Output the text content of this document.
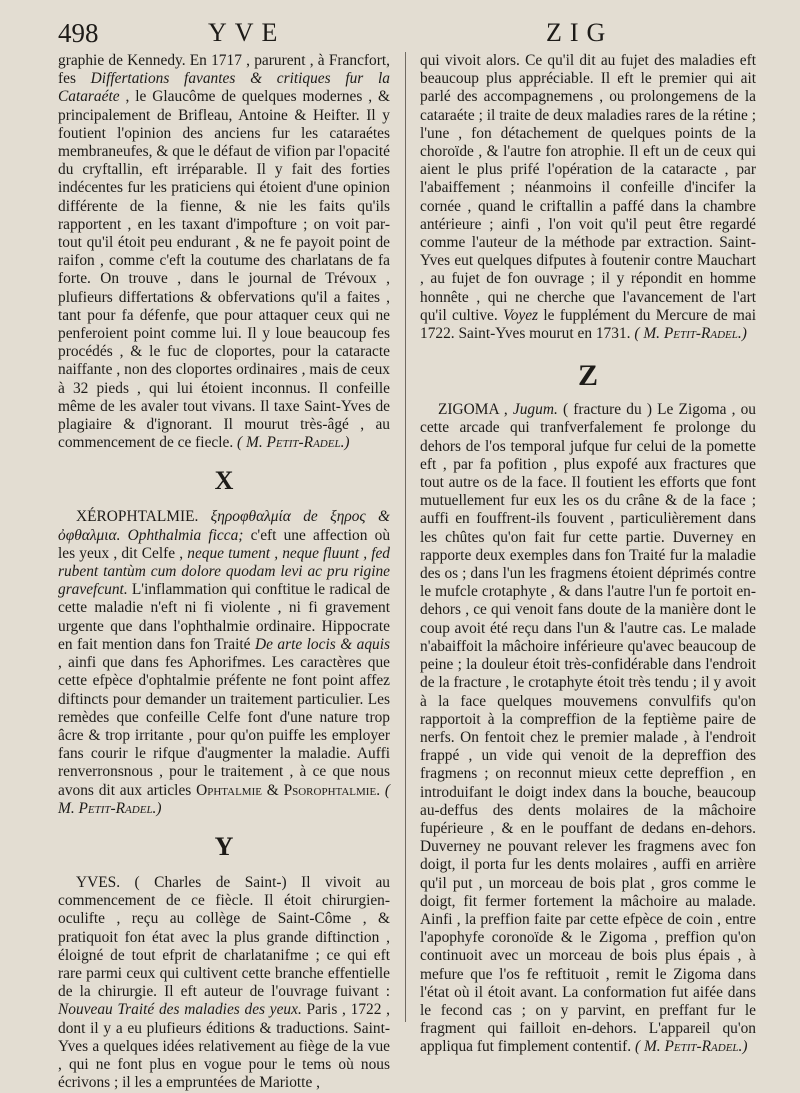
498	YVE	ZIG

graphie de Kennedy. En 1717 , parurent , à Francfort, fes Differtations favantes & critiques fur la Cataraéte , le Glaucôme de quelques modernes , & principalement de Brifleau, Antoine & Heifter. Il y foutient l'opinion des anciens fur les cataraétes membraneufes, & que le défaut de vifion par l'opacité du cryftallin, eft irréparable. Il y fait des forties indécentes fur les praticiens qui étoient d'une opinion différente de la fienne, & nie les faits qu'ils rapportent , en les taxant d'impofture ; on voit par-tout qu'il étoit peu endurant , & ne fe payoit point de raifon , comme c'eft la coutume des charlatans de fa forte. On trouve , dans le journal de Trévoux , plufieurs differtations & obfervations qu'il a faites , tant pour fa défenfe, que pour attaquer ceux qui ne penferoient point comme lui. Il y loue beaucoup fes procédés , & le fuc de cloportes, pour la cataracte naiffante , non des cloportes ordinaires , mais de ceux à 32 pieds , qui lui étoient inconnus. Il confeille même de les avaler tout vivans. Il taxe Saint-Yves de plagiaire & d'ignorant. Il mourut très-âgé , au commencement de ce fiecle. ( M. Petit-Radel.)

X

XÉROPHTALMIE. ξηροφθαλμία de ξηρος & ὀφθαλμια. Ophthalmia ficca; c'eft une affection où les yeux , dit Celfe , neque tument , neque fluunt , fed rubent tantùm cum dolore quodam levi ac pru rigine gravefcunt. L'inflammation qui conftitue le radical de cette maladie n'eft ni fi violente , ni fi gravement urgente que dans l'ophthalmie ordinaire. Hippocrate en fait mention dans fon Traité De arte locis & aquis , ainfi que dans fes Aphorifmes. Les caractères que cette efpèce d'ophtalmie préfente ne font point affez diftincts pour demander un traitement particulier. Les remèdes que confeille Celfe font d'une nature trop âcre & trop irritante , pour qu'on puiffe les employer fans courir le rifque d'augmenter la maladie. Auffi renverronsnous , pour le traitement , à ce que nous avons dit aux articles Ophtalmie & Psorophtalmie. ( M. Petit-Radel.)

Y

YVES. ( Charles de Saint-) Il vivoit au commencement de ce fiècle. Il étoit chirurgien-oculifte , reçu au collège de Saint-Côme , & pratiquoit fon état avec la plus grande diftinction , éloigné de tout efprit de charlatanifme ; ce qui eft rare parmi ceux qui cultivent cette branche effentielle de la chirurgie. Il eft auteur de l'ouvrage fuivant : Nouveau Traité des maladies des yeux. Paris , 1722 , dont il y a eu plufieurs éditions & traductions. Saint-Yves a quelques idées relativement au fiège de la vue , qui ne font plus en vogue pour le tems où nous écrivons ; il les a empruntées de Mariotte ,

qui vivoit alors. Ce qu'il dit au fujet des maladies eft beaucoup plus appréciable. Il eft le premier qui ait parlé des accompagnemens , ou prolongemens de la cataraéte ; il traite de deux maladies rares de la rétine ; l'une , fon détachement de quelques points de la choroïde , & l'autre fon atrophie. Il eft un de ceux qui aient le plus prifé l'opération de la cataracte , par l'abaiffement ; néanmoins il confeille d'incifer la cornée , quand le criftallin a paffé dans la chambre antérieure ; ainfi , l'on voit qu'il peut être regardé comme l'auteur de la méthode par extraction. Saint-Yves eut quelques difputes à foutenir contre Mauchart , au fujet de fon ouvrage ; il y répondit en homme honnête , qui ne cherche que l'avancement de l'art qu'il cultive. Voyez le fupplément du Mercure de mai 1722. Saint-Yves mourut en 1731. ( M. Petit-Radel.)

Z

ZIGOMA , Jugum. ( fracture du ) Le Zigoma , ou cette arcade qui tranfverfalement fe prolonge du dehors de l'os temporal jufque fur celui de la pomette eft , par fa pofition , plus expofé aux fractures que tout autre os de la face. Il foutient les efforts que font mutuellement fur eux les os du crâne & de la face ; auffi en fouffrent-ils fouvent , particulièrement dans les chûtes qu'on fait fur cette partie. Duverney en rapporte deux exemples dans fon Traité fur la maladie des os ; dans l'un les fragmens étoient déprimés contre le mufcle crotaphyte , & dans l'autre l'un fe portoit en-dehors , ce qui venoit fans doute de la manière dont le coup avoit été reçu dans l'un & l'autre cas. Le malade n'abaiffoit la mâchoire inférieure qu'avec beaucoup de peine ; la douleur étoit très-confidérable dans l'endroit de la fracture , le crotaphyte étoit très tendu ; il y avoit à la face quelques mouvemens convulfifs qu'on rapportoit à la compreffion de la feptième paire de nerfs. On fentoit chez le premier malade , à l'endroit frappé , un vide qui venoit de la depreffion des fragmens ; on reconnut mieux cette depreffion , en introduifant le doigt index dans la bouche, beaucoup au-deffus des dents molaires de la mâchoire fupérieure , & en le pouffant de dedans en-dehors. Duverney ne pouvant relever les fragmens avec fon doigt, il porta fur les dents molaires , auffi en arrière qu'il put , un morceau de bois plat , gros comme le doigt, fit fermer fortement la mâchoire au malade. Ainfi , la preffion faite par cette efpèce de coin , entre l'apophyfe coronoïde & le Zigoma , preffion qu'on continuoit avec un morceau de bois plus épais , à mefure que l'os fe reftituoit , remit le Zigoma dans l'état où il étoit avant. La conformation fut aifée dans le fecond cas ; on y parvint, en preffant fur le fragment qui failloit en-dehors. L'appareil qu'on appliqua fut fimplement contentif. ( M. Petit-Radel.)
